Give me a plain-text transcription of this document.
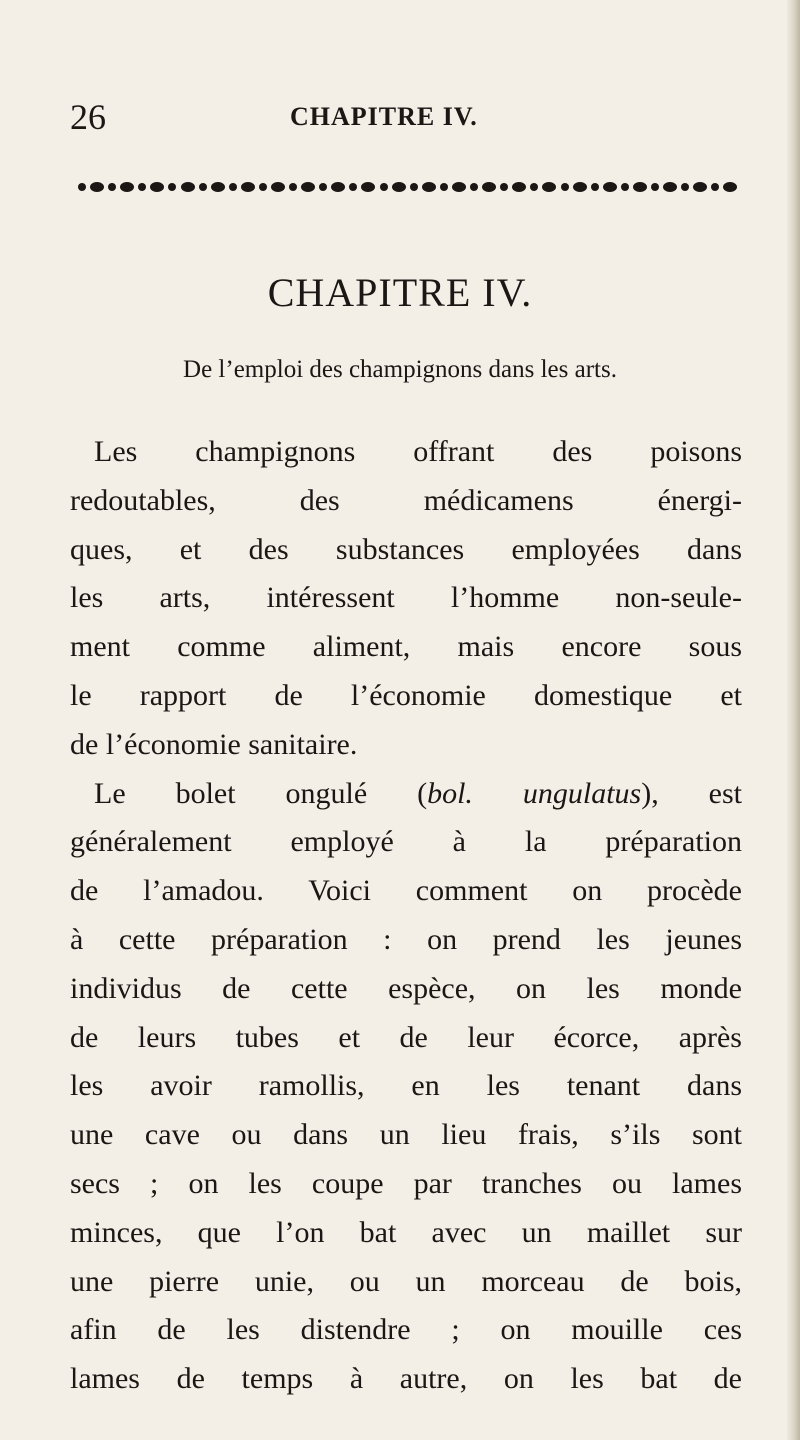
26	CHAPITRE IV.
CHAPITRE IV.
De l’emploi des champignons dans les arts.
Les champignons offrant des poisons
redoutables, des médicamens énergi-
ques, et des substances employées dans
les arts, intéressent l’homme non-seule-
ment comme aliment, mais encore sous
le rapport de l’économie domestique et
de l’économie sanitaire.
Le bolet ongulé (bol. ungulatus), est
généralement employé à la préparation
de l’amadou. Voici comment on procède
à cette préparation : on prend les jeunes
individus de cette espèce, on les monde
de leurs tubes et de leur écorce, après
les avoir ramollis, en les tenant dans
une cave ou dans un lieu frais, s’ils sont
secs ; on les coupe par tranches ou lames
minces, que l’on bat avec un maillet sur
une pierre unie, ou un morceau de bois,
afin de les distendre ; on mouille ces
lames de temps à autre, on les bat de
